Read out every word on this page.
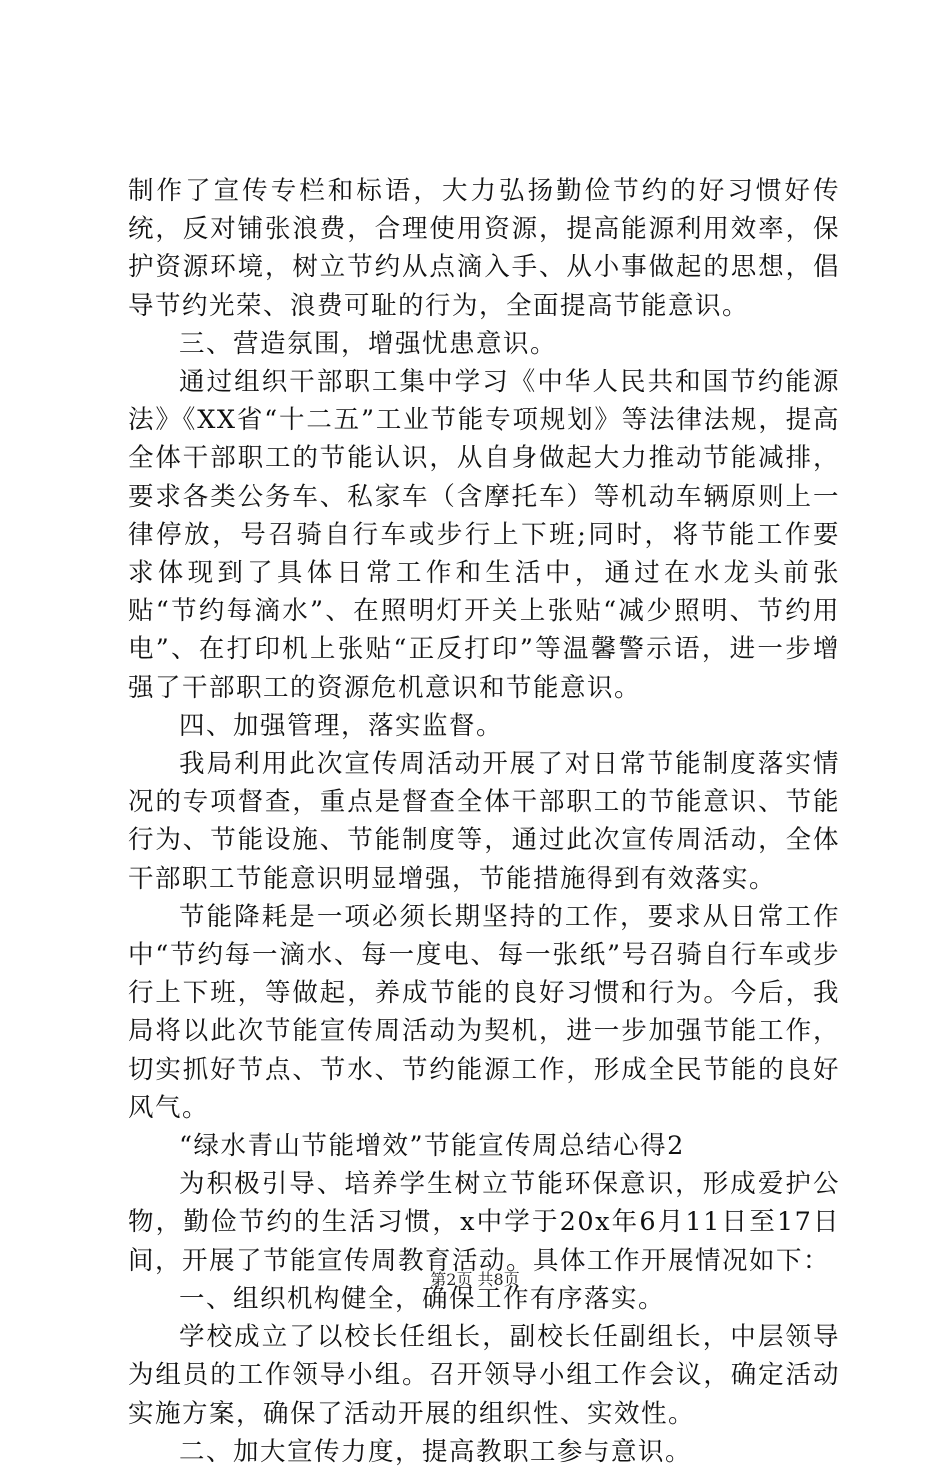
制作了宣传专栏和标语，大力弘扬勤俭节约的好习惯好传统，反对铺张浪费，合理使用资源，提高能源利用效率，保护资源环境，树立节约从点滴入手、从小事做起的思想，倡导节约光荣、浪费可耻的行为，全面提高节能意识。

三、营造氛围，增强忧患意识。

通过组织干部职工集中学习《中华人民共和国节约能源法》《XX省“十二五”工业节能专项规划》等法律法规，提高全体干部职工的节能认识，从自身做起大力推动节能减排，要求各类公务车、私家车（含摩托车）等机动车辆原则上一律停放，号召骑自行车或步行上下班;同时，将节能工作要求体现到了具体日常工作和生活中，通过在水龙头前张贴“节约每滴水”、在照明灯开关上张贴“减少照明、节约用电”、在打印机上张贴“正反打印”等温馨警示语，进一步增强了干部职工的资源危机意识和节能意识。

四、加强管理，落实监督。

我局利用此次宣传周活动开展了对日常节能制度落实情况的专项督查，重点是督查全体干部职工的节能意识、节能行为、节能设施、节能制度等，通过此次宣传周活动，全体干部职工节能意识明显增强，节能措施得到有效落实。

节能降耗是一项必须长期坚持的工作，要求从日常工作中“节约每一滴水、每一度电、每一张纸”号召骑自行车或步行上下班，等做起，养成节能的良好习惯和行为。今后，我局将以此次节能宣传周活动为契机，进一步加强节能工作，切实抓好节点、节水、节约能源工作，形成全民节能的良好风气。

“绿水青山节能增效”节能宣传周总结心得2

为积极引导、培养学生树立节能环保意识，形成爱护公物，勤俭节约的生活习惯，x中学于20x年6月11日至17日间，开展了节能宣传周教育活动。具体工作开展情况如下：

一、组织机构健全，确保工作有序落实。

学校成立了以校长任组长，副校长任副组长，中层领导为组员的工作领导小组。召开领导小组工作会议，确定活动实施方案，确保了活动开展的组织性、实效性。

二、加大宣传力度，提高教职工参与意识。

第2页 共8页
